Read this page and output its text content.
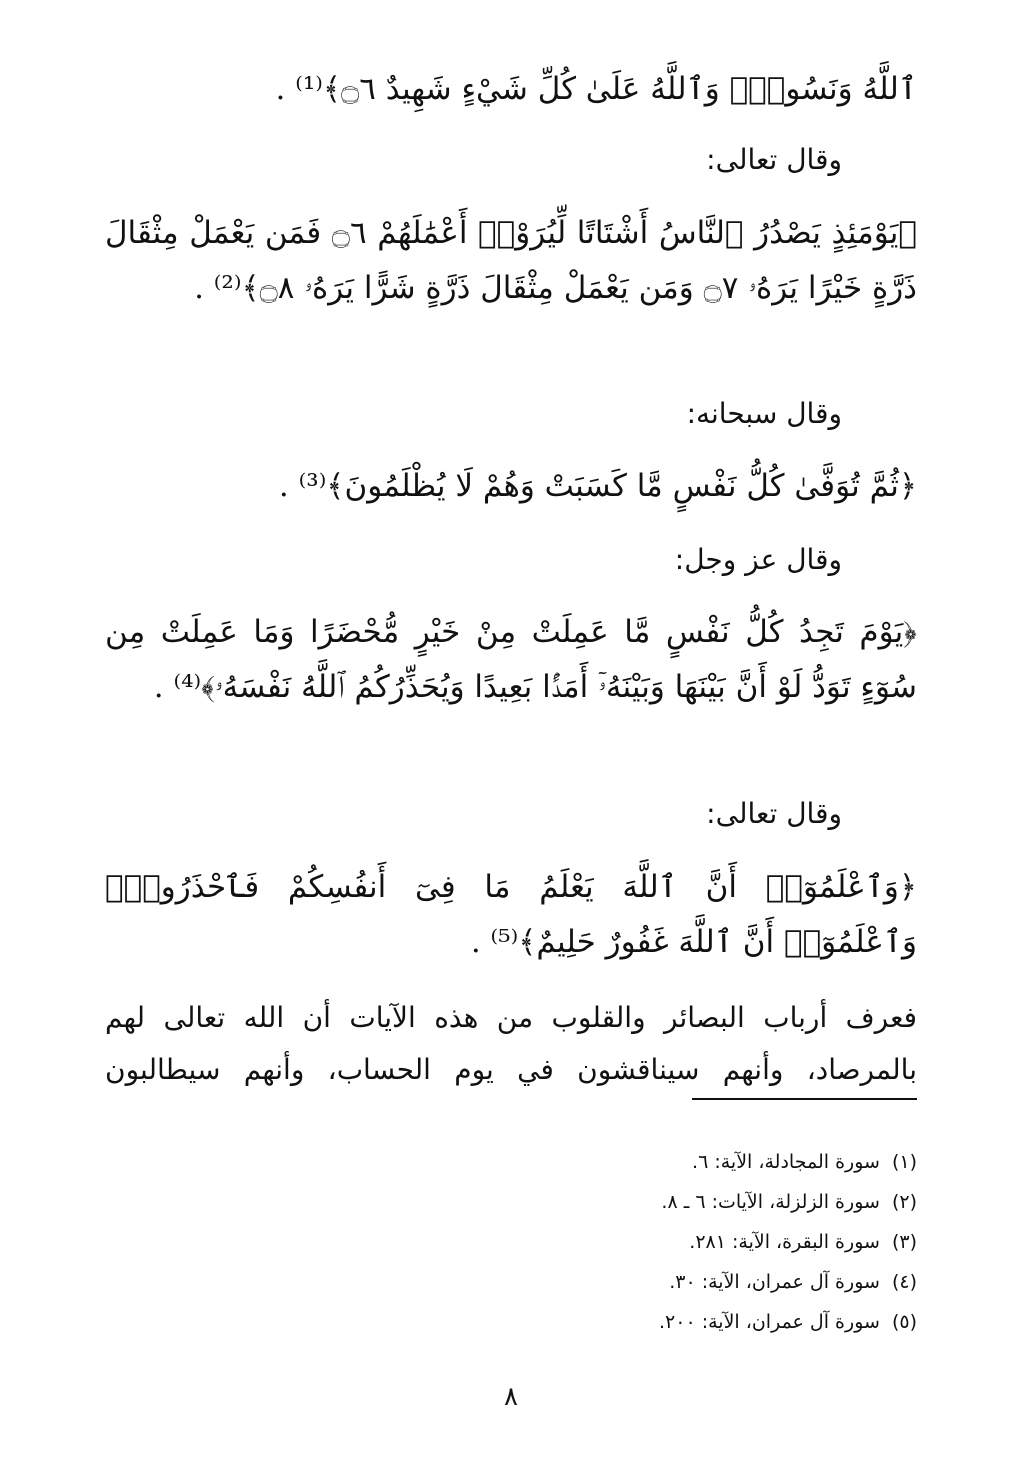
ٱللَّهُ وَنَسُوهُۚ وَٱللَّهُ عَلَىٰ كُلِّ شَيْءٍ شَهِيدٌ ۝٦﴾⁽¹⁾ .
وقال تعالى:
﴿يَوْمَئِذٍ يَصْدُرُ ٱلنَّاسُ أَشْتَاتًا لِّيُرَوْا۟ أَعْمَٰلَهُمْ ۝٦ فَمَن يَعْمَلْ مِثْقَالَ ذَرَّةٍ خَيْرًا يَرَهُۥ ۝٧ وَمَن يَعْمَلْ مِثْقَالَ ذَرَّةٍ شَرًّا يَرَهُۥ ۝٨﴾⁽²⁾ .
وقال سبحانه:
﴿ثُمَّ تُوَفَّىٰ كُلُّ نَفْسٍ مَّا كَسَبَتْ وَهُمْ لَا يُظْلَمُونَ﴾⁽³⁾ .
وقال عز وجل:
﴿يَوْمَ تَجِدُ كُلُّ نَفْسٍ مَّا عَمِلَتْ مِنْ خَيْرٍ مُّحْضَرًا وَمَا عَمِلَتْ مِن سُوٓءٍ تَوَدُّ لَوْ أَنَّ بَيْنَهَا وَبَيْنَهُۥٓ أَمَدًۢا بَعِيدًا وَيُحَذِّرُكُمُ ٱللَّهُ نَفْسَهُۥ﴾⁽⁴⁾ .
وقال تعالى:
﴿وَٱعْلَمُوٓا۟ أَنَّ ٱللَّهَ يَعْلَمُ مَا فِىٓ أَنفُسِكُمْ فَٱحْذَرُوهُۚ وَٱعْلَمُوٓا۟ أَنَّ ٱللَّهَ غَفُورٌ حَلِيمٌ﴾⁽⁵⁾ .
فعرف أرباب البصائر والقلوب من هذه الآيات أن الله تعالى لهم بالمرصاد، وأنهم سيناقشون في يوم الحساب، وأنهم سيطالبون
(١)سورة المجادلة، الآية: ٦.
(٢)سورة الزلزلة، الآيات: ٦ ـ ٨.
(٣)سورة البقرة، الآية: ٢٨١.
(٤)سورة آل عمران، الآية: ٣٠.
(٥)سورة آل عمران، الآية: ٢٠٠.
٨
